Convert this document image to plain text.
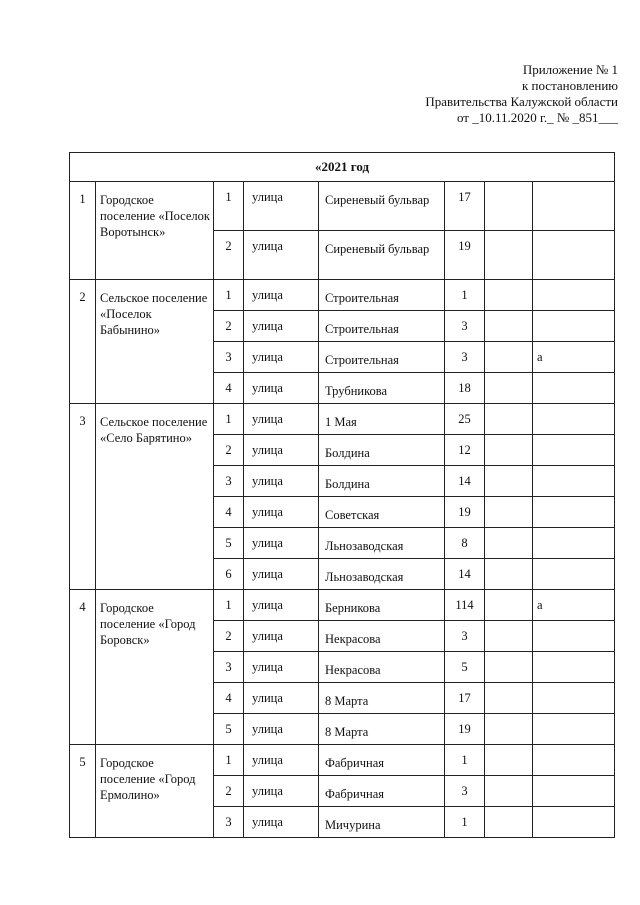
Приложение № 1
к постановлению
Правительства Калужской области
от _10.11.2020 г._ № _851___
«2021 год							
1	Городское поселение «Поселок Воротынск»	1	улица	Сиреневый бульвар	17		
		2	улица	Сиреневый бульвар	19		
2	Сельское поселение «Поселок Бабынино»	1	улица	Строительная	1		
		2	улица	Строительная	3		
		3	улица	Строительная	3		а
		4	улица	Трубникова	18		
3	Сельское поселение «Село Барятино»	1	улица	1 Мая	25		
		2	улица	Болдина	12		
		3	улица	Болдина	14		
		4	улица	Советская	19		
		5	улица	Льнозаводская	8		
		6	улица	Льнозаводская	14		
4	Городское поселение «Город Боровск»	1	улица	Берникова	114		а
		2	улица	Некрасова	3		
		3	улица	Некрасова	5		
		4	улица	8 Марта	17		
		5	улица	8 Марта	19		
5	Городское поселение «Город Ермолино»	1	улица	Фабричная	1		
		2	улица	Фабричная	3		
		3	улица	Мичурина	1		
